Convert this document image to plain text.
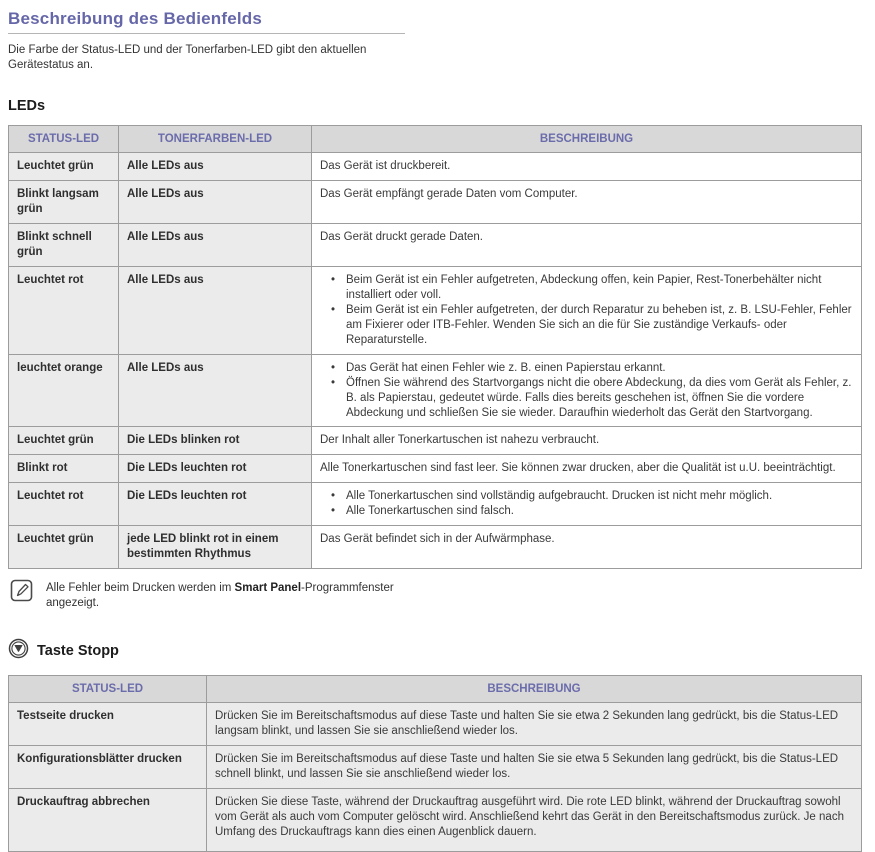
Beschreibung des Bedienfelds

Die Farbe der Status-LED und der Tonerfarben-LED gibt den aktuellen Gerätestatus an.

LEDs
STATUS-LED	TONERFARBEN-LED	BESCHREIBUNG
Leuchtet grün	Alle LEDs aus	Das Gerät ist druckbereit.

Blinkt langsam grün	Alle LEDs aus	Das Gerät empfängt gerade Daten vom Computer.

Blinkt schnell grün	Alle LEDs aus	Das Gerät druckt gerade Daten.

Leuchtet rot	Alle LEDs aus	• Beim Gerät ist ein Fehler aufgetreten, Abdeckung offen, kein Papier, Rest-Tonerbehälter nicht installiert oder voll.
• Beim Gerät ist ein Fehler aufgetreten, der durch Reparatur zu beheben ist, z. B. LSU-Fehler, Fehler am Fixierer oder ITB-Fehler. Wenden Sie sich an die für Sie zuständige Verkaufs- oder Reparaturstelle.

leuchtet orange	Alle LEDs aus	• Das Gerät hat einen Fehler wie z. B. einen Papierstau erkannt.
• Öffnen Sie während des Startvorgangs nicht die obere Abdeckung, da dies vom Gerät als Fehler, z. B. als Papierstau, gedeutet würde. Falls dies bereits geschehen ist, öffnen Sie die vordere Abdeckung und schließen Sie sie wieder. Daraufhin wiederholt das Gerät den Startvorgang.

Leuchtet grün	Die LEDs blinken rot	Der Inhalt aller Tonerkartuschen ist nahezu verbraucht.

Blinkt rot	Die LEDs leuchten rot	Alle Tonerkartuschen sind fast leer. Sie können zwar drucken, aber die Qualität ist u.U. beeinträchtigt.

Leuchtet rot	Die LEDs leuchten rot	• Alle Tonerkartuschen sind vollständig aufgebraucht. Drucken ist nicht mehr möglich.
• Alle Tonerkartuschen sind falsch.

Leuchtet grün	jede LED blinkt rot in einem bestimmten Rhythmus	Das Gerät befindet sich in der Aufwärmphase.

Alle Fehler beim Drucken werden im Smart Panel-Programmfenster angezeigt.

Taste Stopp
STATUS-LED	BESCHREIBUNG
Testseite drucken	Drücken Sie im Bereitschaftsmodus auf diese Taste und halten Sie sie etwa 2 Sekunden lang gedrückt, bis die Status-LED langsam blinkt, und lassen Sie sie anschließend wieder los.
Konfigurationsblätter drucken	Drücken Sie im Bereitschaftsmodus auf diese Taste und halten Sie sie etwa 5 Sekunden lang gedrückt, bis die Status-LED schnell blinkt, und lassen Sie sie anschließend wieder los.
Druckauftrag abbrechen	Drücken Sie diese Taste, während der Druckauftrag ausgeführt wird. Die rote LED blinkt, während der Druckauftrag sowohl vom Gerät als auch vom Computer gelöscht wird. Anschließend kehrt das Gerät in den Bereitschaftsmodus zurück. Je nach Umfang des Druckauftrags kann dies einen Augenblick dauern.
